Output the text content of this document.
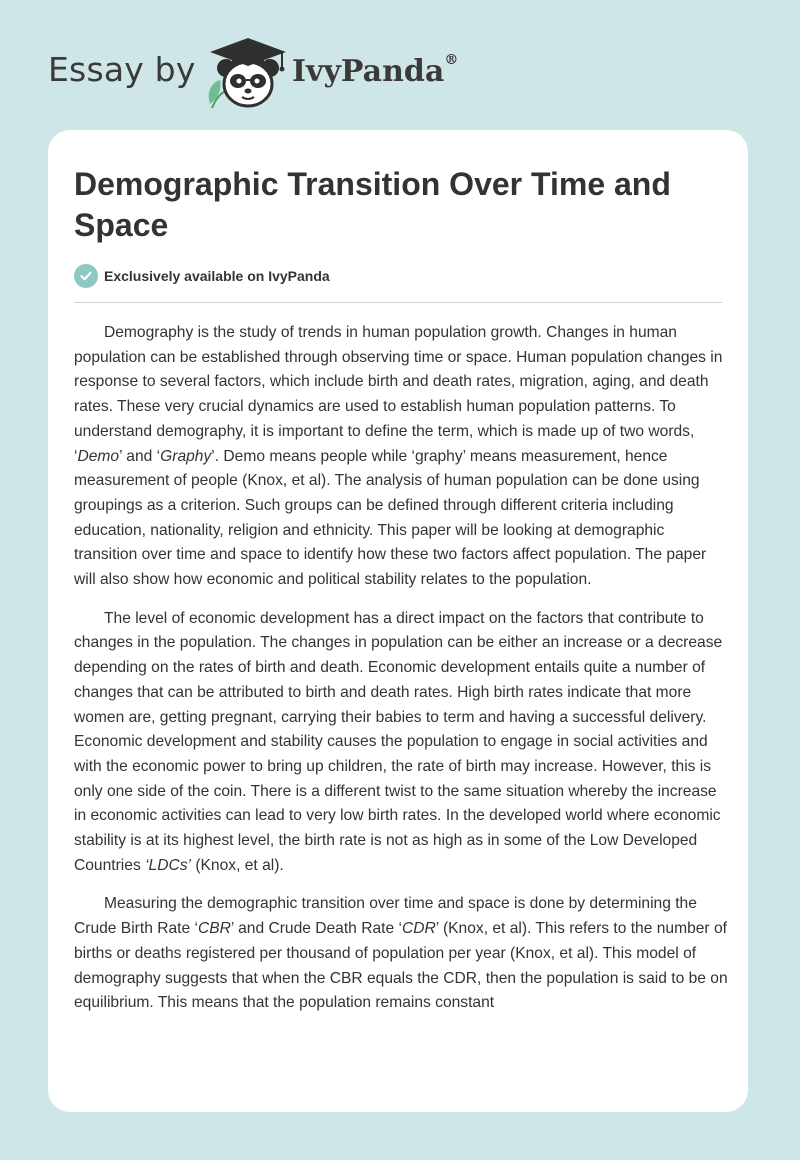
Essay by	IvyPanda®
Demographic Transition Over Time and Space
Exclusively available on IvyPanda

Demography is the study of trends in human population growth. Changes in human population can be established through observing time or space. Human population changes in response to several factors, which include birth and death rates, migration, aging, and death rates. These very crucial dynamics are used to establish human population patterns. To understand demography, it is important to define the term, which is made up of two words, ‘Demo’ and ‘Graphy’. Demo means people while ‘graphy’ means measurement, hence measurement of people (Knox, et al). The analysis of human population can be done using groupings as a criterion. Such groups can be defined through different criteria including education, nationality, religion and ethnicity. This paper will be looking at demographic transition over time and space to identify how these two factors affect population. The paper will also show how economic and political stability relates to the population.

The level of economic development has a direct impact on the factors that contribute to changes in the population. The changes in population can be either an increase or a decrease depending on the rates of birth and death. Economic development entails quite a number of changes that can be attributed to birth and death rates. High birth rates indicate that more women are, getting pregnant, carrying their babies to term and having a successful delivery. Economic development and stability causes the population to engage in social activities and with the economic power to bring up children, the rate of birth may increase. However, this is only one side of the coin. There is a different twist to the same situation whereby the increase in economic activities can lead to very low birth rates. In the developed world where economic stability is at its highest level, the birth rate is not as high as in some of the Low Developed Countries ‘LDCs’ (Knox, et al).

Measuring the demographic transition over time and space is done by determining the Crude Birth Rate ‘CBR’ and Crude Death Rate ‘CDR’ (Knox, et al). This refers to the number of births or deaths registered per thousand of population per year (Knox, et al). This model of demography suggests that when the CBR equals the CDR, then the population is said to be on equilibrium. This means that the population remains constant
